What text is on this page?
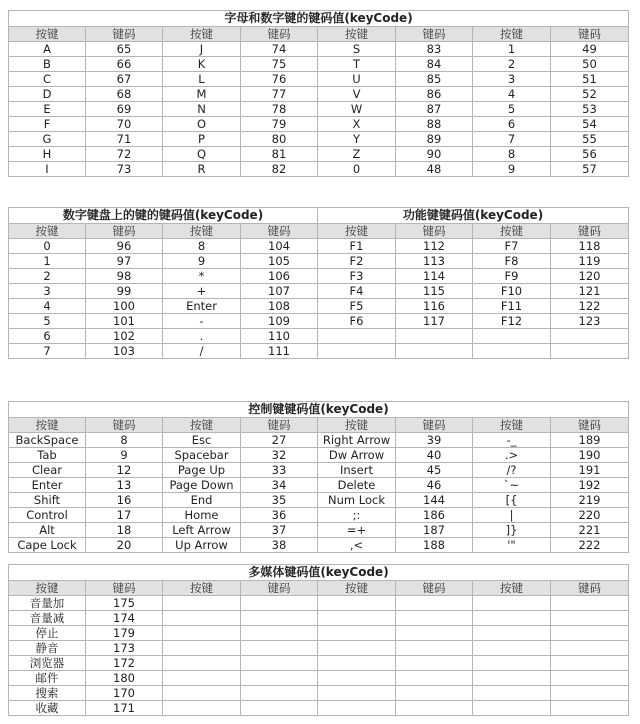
字母和数字键的键码值(keyCode)							
按键	键码	按键	键码	按键	键码	按键	键码
A	65	J	74	S	83	1	49
B	66	K	75	T	84	2	50
C	67	L	76	U	85	3	51
D	68	M	77	V	86	4	52
E	69	N	78	W	87	5	53
F	70	O	79	X	88	6	54
G	71	P	80	Y	89	7	55
H	72	Q	81	Z	90	8	56
I	73	R	82	0	48	9	57
数字键盘上的键的键码值(keyCode)				功能键键码值(keyCode)			
按键	键码	按键	键码	按键	键码	按键	键码
0	96	8	104	F1	112	F7	118
1	97	9	105	F2	113	F8	119
2	98	*	106	F3	114	F9	120
3	99	+	107	F4	115	F10	121
4	100	Enter	108	F5	116	F11	122
5	101	-	109	F6	117	F12	123
6	102	.	110				
7	103	/	111				
控制键键码值(keyCode)							
按键	键码	按键	键码	按键	键码	按键	键码
BackSpace	8	Esc	27	Right Arrow	39	-_	189
Tab	9	Spacebar	32	Dw Arrow	40	.>	190
Clear	12	Page Up	33	Insert	45	/?	191
Enter	13	Page Down	34	Delete	46	`~	192
Shift	16	End	35	Num Lock	144	[{	219
Control	17	Home	36	;:	186	|	220
Alt	18	Left Arrow	37	=+	187	]}	221
Cape Lock	20	Up Arrow	38	,<	188	'"	222
多媒体键码值(keyCode)							
按键	键码	按键	键码	按键	键码	按键	键码
音量加	175						
音量减	174						
停止	179						
静音	173						
浏览器	172						
邮件	180						
搜索	170						
收藏	171						
